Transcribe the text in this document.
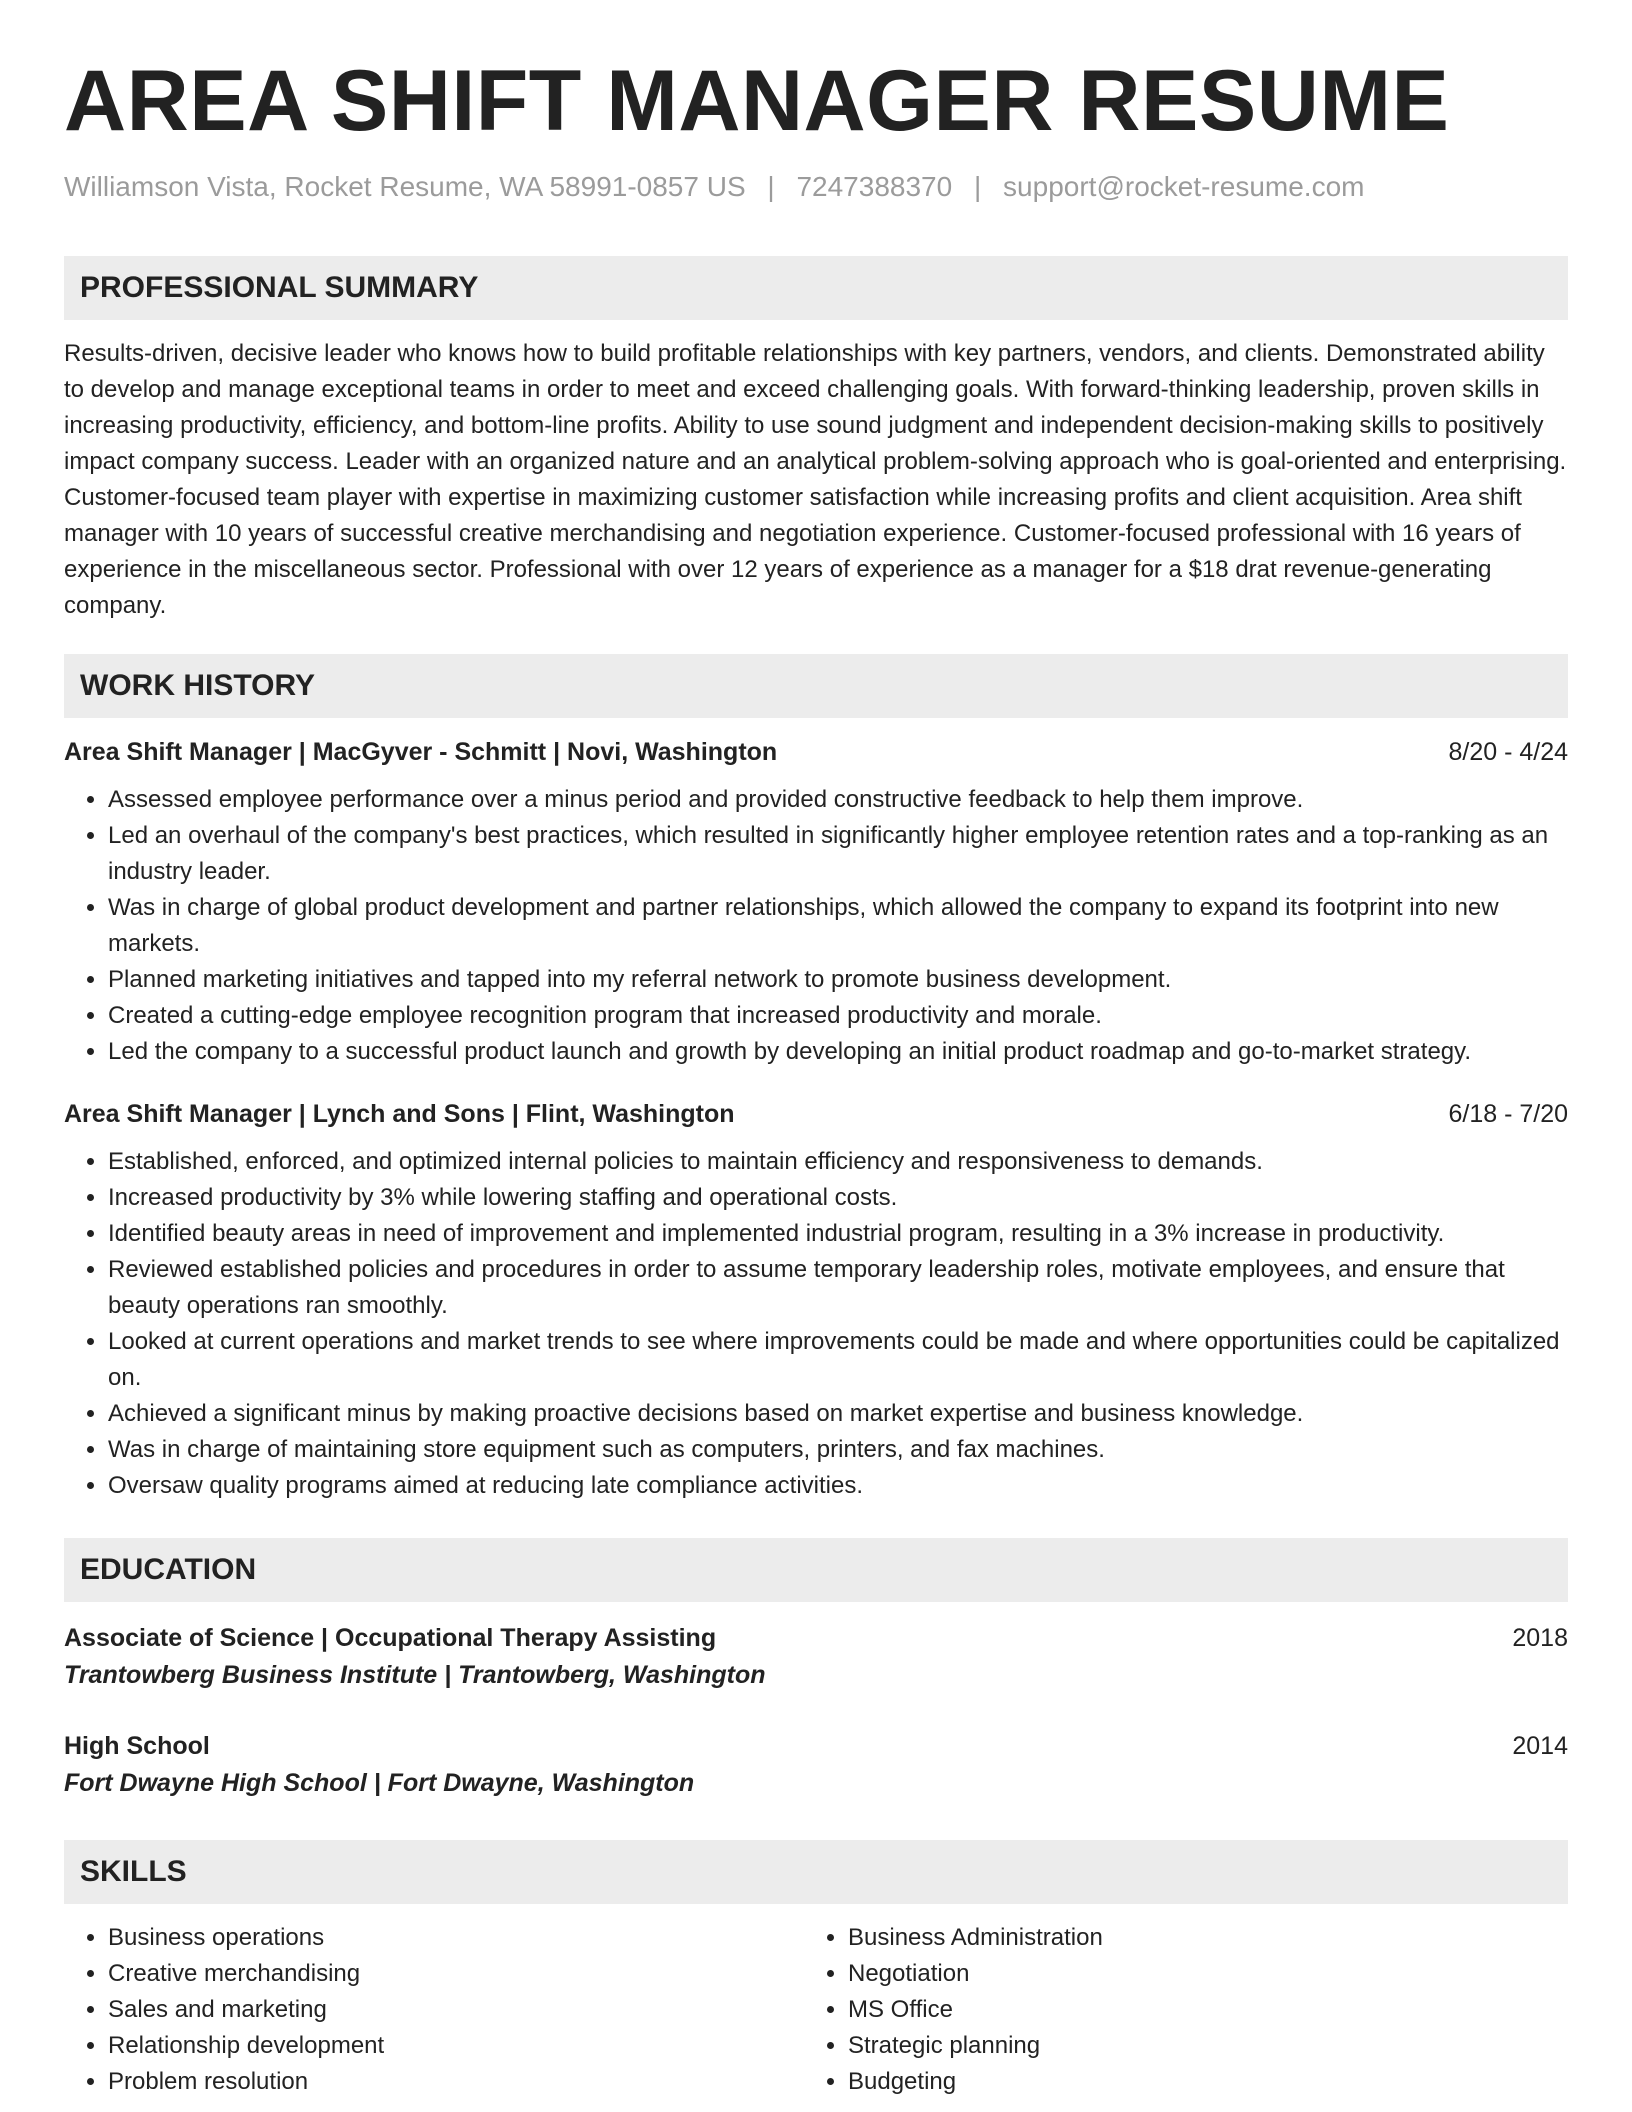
AREA SHIFT MANAGER RESUME
Williamson Vista, Rocket Resume, WA 58991-0857 US | 7247388370 | support@rocket-resume.com
PROFESSIONAL SUMMARY
Results-driven, decisive leader who knows how to build profitable relationships with key partners, vendors, and clients. Demonstrated ability to develop and manage exceptional teams in order to meet and exceed challenging goals. With forward-thinking leadership, proven skills in increasing productivity, efficiency, and bottom-line profits. Ability to use sound judgment and independent decision-making skills to positively impact company success. Leader with an organized nature and an analytical problem-solving approach who is goal-oriented and enterprising. Customer-focused team player with expertise in maximizing customer satisfaction while increasing profits and client acquisition. Area shift manager with 10 years of successful creative merchandising and negotiation experience. Customer-focused professional with 16 years of experience in the miscellaneous sector. Professional with over 12 years of experience as a manager for a $18 drat revenue-generating company.
WORK HISTORY
Area Shift Manager | MacGyver - Schmitt | Novi, Washington	8/20 - 4/24
• Assessed employee performance over a minus period and provided constructive feedback to help them improve.
• Led an overhaul of the company's best practices, which resulted in significantly higher employee retention rates and a top-ranking as an industry leader.
• Was in charge of global product development and partner relationships, which allowed the company to expand its footprint into new markets.
• Planned marketing initiatives and tapped into my referral network to promote business development.
• Created a cutting-edge employee recognition program that increased productivity and morale.
• Led the company to a successful product launch and growth by developing an initial product roadmap and go-to-market strategy.
Area Shift Manager | Lynch and Sons | Flint, Washington	6/18 - 7/20
• Established, enforced, and optimized internal policies to maintain efficiency and responsiveness to demands.
• Increased productivity by 3% while lowering staffing and operational costs.
• Identified beauty areas in need of improvement and implemented industrial program, resulting in a 3% increase in productivity.
• Reviewed established policies and procedures in order to assume temporary leadership roles, motivate employees, and ensure that beauty operations ran smoothly.
• Looked at current operations and market trends to see where improvements could be made and where opportunities could be capitalized on.
• Achieved a significant minus by making proactive decisions based on market expertise and business knowledge.
• Was in charge of maintaining store equipment such as computers, printers, and fax machines.
• Oversaw quality programs aimed at reducing late compliance activities.
EDUCATION
Associate of Science | Occupational Therapy Assisting	2018
Trantowberg Business Institute | Trantowberg, Washington
High School	2014
Fort Dwayne High School | Fort Dwayne, Washington
SKILLS
• Business operations
• Creative merchandising
• Sales and marketing
• Relationship development
• Problem resolution
• Business Administration
• Negotiation
• MS Office
• Strategic planning
• Budgeting
